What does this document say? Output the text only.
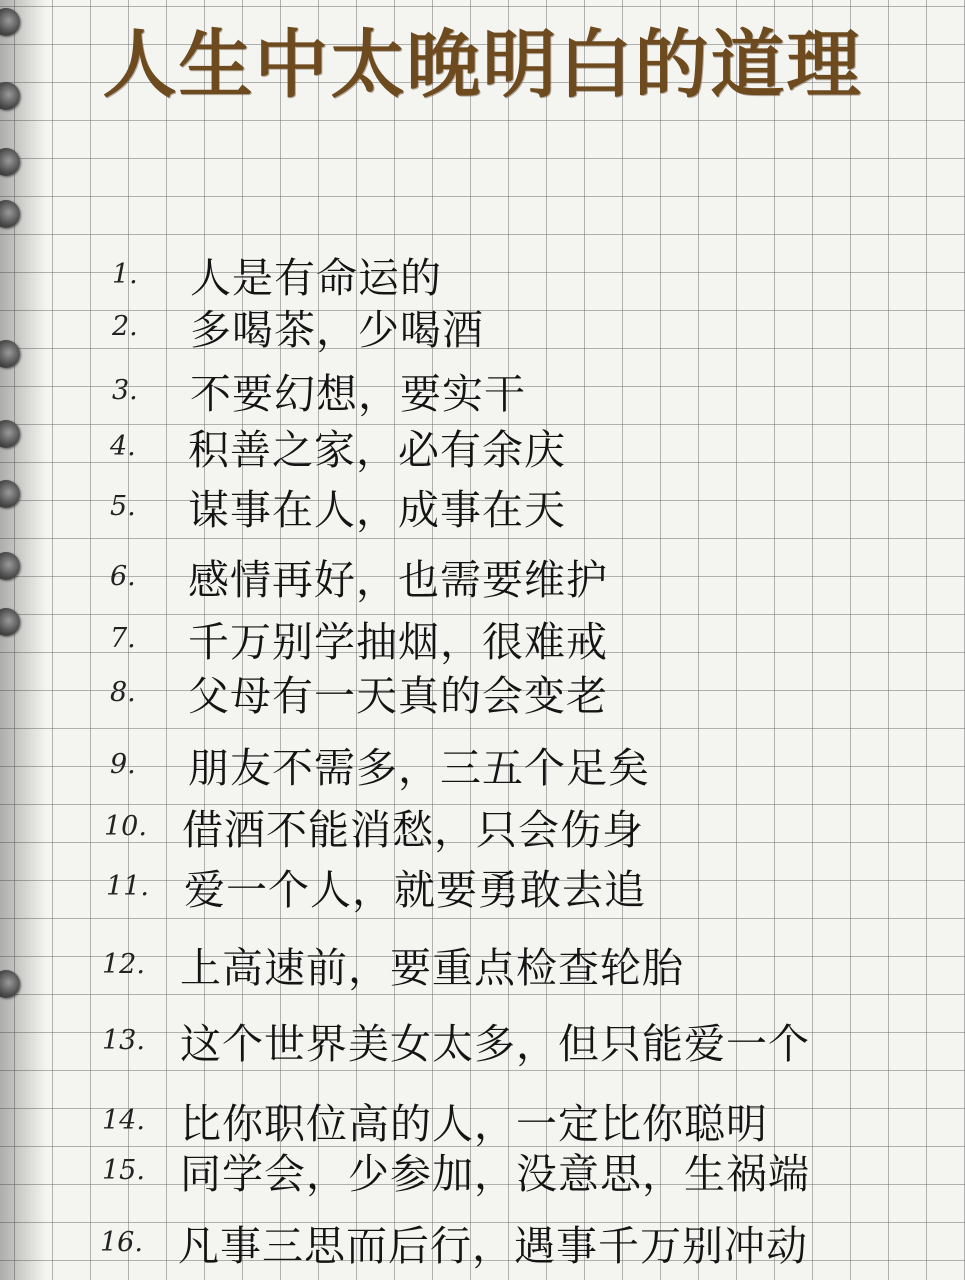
人生中太晚明白的道理
1.	人是有命运的
2.	多喝茶，少喝酒
3.	不要幻想，要实干
4.	积善之家，必有余庆
5.	谋事在人，成事在天
6.	感情再好，也需要维护
7.	千万别学抽烟，很难戒
8.	父母有一天真的会变老
9.	朋友不需多，三五个足矣
10. 借酒不能消愁，只会伤身
11. 爱一个人，就要勇敢去追
12. 上高速前，要重点检查轮胎
13. 这个世界美女太多，但只能爱一个
14. 比你职位高的人，一定比你聪明
15. 同学会，少参加，没意思，生祸端
16. 凡事三思而后行，遇事千万别冲动
